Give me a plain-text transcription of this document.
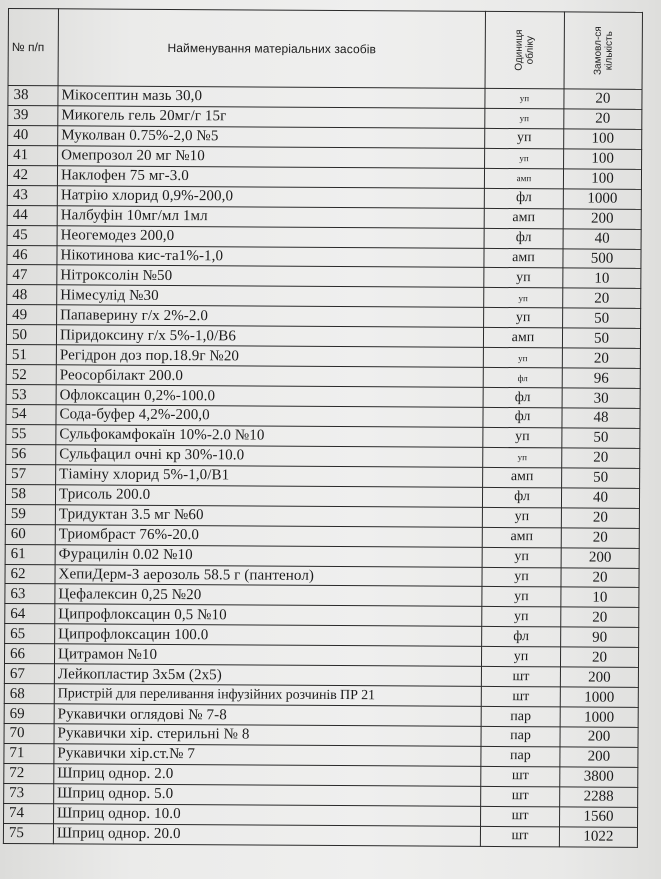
№ п/п	Найменування матеріальних засобів	Одиниця обліку	Замовл-ся кількість

38	Мікосептин мазь 30,0	уп	20
39	Микогель гель 20мг/г 15г	уп	20
40	Муколван 0.75%-2,0 №5	уп	100
41	Омепрозол 20 мг №10	уп	100
42	Наклофен 75 мг-3.0	амп	100
43	Натрію хлорид 0,9%-200,0	фл	1000
44	Налбуфін 10мг/мл 1мл	амп	200
45	Неогемодез 200,0	фл	40
46	Нікотинова кис-та1%-1,0	амп	500
47	Нітроксолін №50	уп	10
48	Німесулід №30	уп	20
49	Папаверину г/х 2%-2.0	уп	50
50	Піридоксину г/х 5%-1,0/В6	амп	50
51	Регідрон доз пор.18.9г №20	уп	20
52	Реосорбілакт 200.0	фл	96
53	Офлоксацин 0,2%-100.0	фл	30
54	Сода-буфер 4,2%-200,0	фл	48
55	Сульфокамфокаїн 10%-2.0 №10	уп	50
56	Сульфацил очні кр 30%-10.0	уп	20
57	Тіаміну хлорид 5%-1,0/В1	амп	50
58	Трисоль 200.0	фл	40
59	Тридуктан 3.5 мг №60	уп	20
60	Триомбраст 76%-20.0	амп	20
61	Фурацилін 0.02 №10	уп	200
62	ХепиДерм-З аерозоль 58.5 г (пантенол)	уп	20
63	Цефалексин 0,25 №20	уп	10
64	Ципрофлоксацин 0,5 №10	уп	20
65	Ципрофлоксацин 100.0	фл	90
66	Цитрамон №10	уп	20
67	Лейкопластир 3х5м (2х5)	шт	200
68	Пристрій для переливання інфузійних розчинів ПР 21	шт	1000
69	Рукавички оглядові № 7-8	пар	1000
70	Рукавички хір. стерильні № 8	пар	200
71	Рукавички хір.ст.№ 7	пар	200
72	Шприц однор. 2.0	шт	3800
73	Шприц однор. 5.0	шт	2288
74	Шприц однор. 10.0	шт	1560
75	Шприц однор. 20.0	шт	1022
